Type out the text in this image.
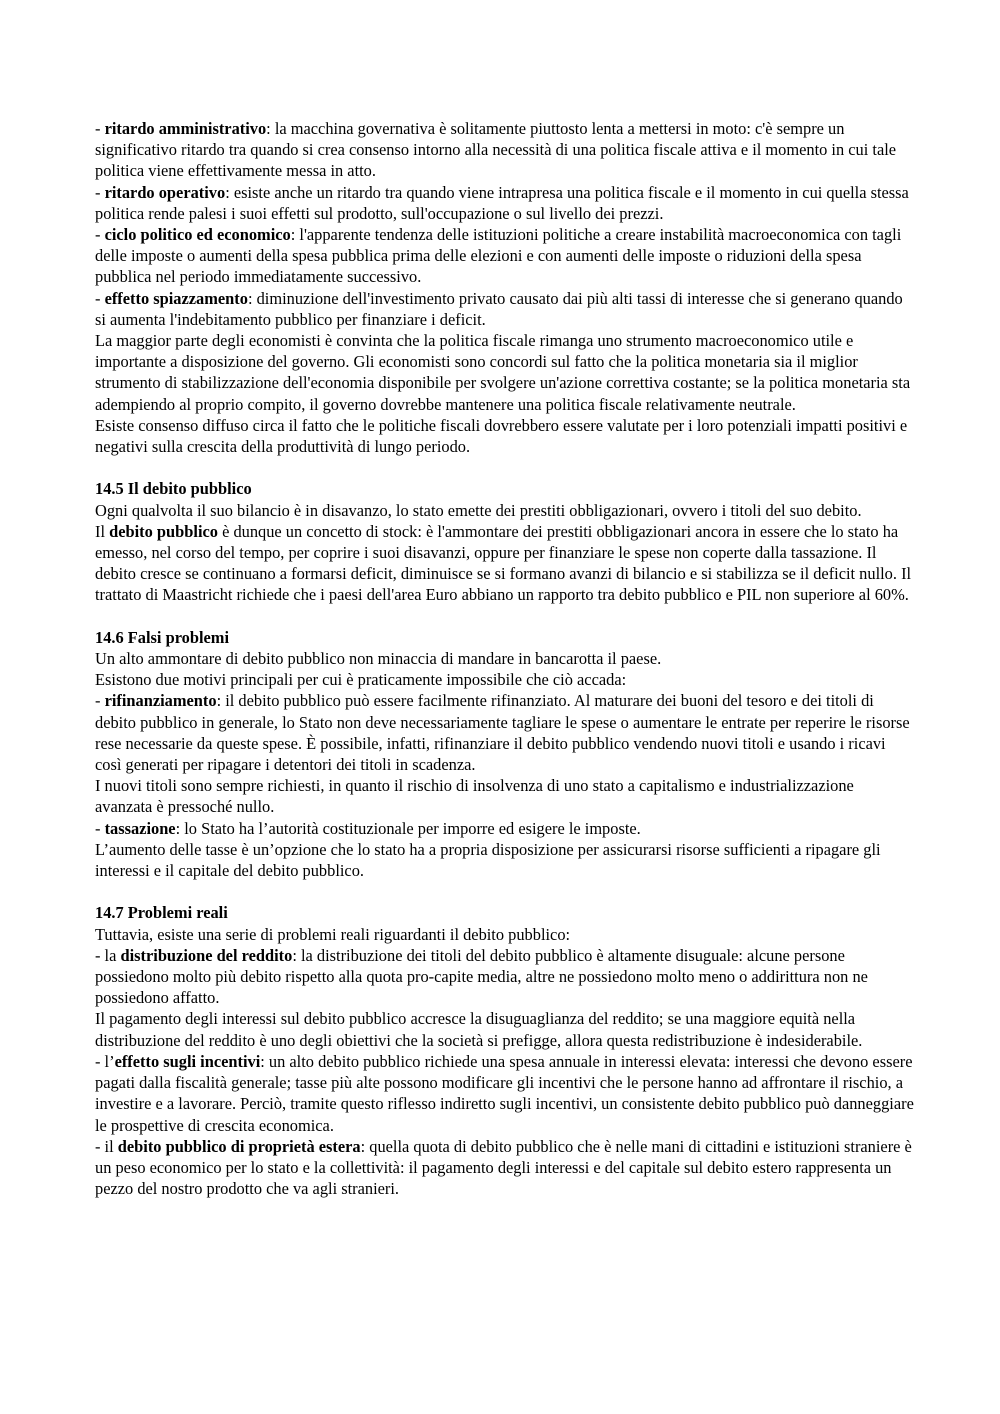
- ritardo amministrativo: la macchina governativa è solitamente piuttosto lenta a mettersi in moto: c'è sempre un significativo ritardo tra quando si crea consenso intorno alla necessità di una politica fiscale attiva e il momento in cui tale politica viene effettivamente messa in atto.

- ritardo operativo: esiste anche un ritardo tra quando viene intrapresa una politica fiscale e il momento in cui quella stessa politica rende palesi i suoi effetti sul prodotto, sull'occupazione o sul livello dei prezzi.

- ciclo politico ed economico: l'apparente tendenza delle istituzioni politiche a creare instabilità macroeconomica con tagli delle imposte o aumenti della spesa pubblica prima delle elezioni e con aumenti delle imposte o riduzioni della spesa pubblica nel periodo immediatamente successivo.

- effetto spiazzamento: diminuzione dell'investimento privato causato dai più alti tassi di interesse che si generano quando si aumenta l'indebitamento pubblico per finanziare i deficit.

La maggior parte degli economisti è convinta che la politica fiscale rimanga uno strumento macroeconomico utile e importante a disposizione del governo. Gli economisti sono concordi sul fatto che la politica monetaria sia il miglior strumento di stabilizzazione dell'economia disponibile per svolgere un'azione correttiva costante; se la politica monetaria sta adempiendo al proprio compito, il governo dovrebbe mantenere una politica fiscale relativamente neutrale.

Esiste consenso diffuso circa il fatto che le politiche fiscali dovrebbero essere valutate per i loro potenziali impatti positivi e negativi sulla crescita della produttività di lungo periodo.

14.5 Il debito pubblico

Ogni qualvolta il suo bilancio è in disavanzo, lo stato emette dei prestiti obbligazionari, ovvero i titoli del suo debito.

Il debito pubblico è dunque un concetto di stock: è l'ammontare dei prestiti obbligazionari ancora in essere che lo stato ha emesso, nel corso del tempo, per coprire i suoi disavanzi, oppure per finanziare le spese non coperte dalla tassazione. Il debito cresce se continuano a formarsi deficit, diminuisce se si formano avanzi di bilancio e si stabilizza se il deficit nullo. Il trattato di Maastricht richiede che i paesi dell'area Euro abbiano un rapporto tra debito pubblico e PIL non superiore al 60%.

14.6 Falsi problemi

Un alto ammontare di debito pubblico non minaccia di mandare in bancarotta il paese.

Esistono due motivi principali per cui è praticamente impossibile che ciò accada:

- rifinanziamento: il debito pubblico può essere facilmente rifinanziato. Al maturare dei buoni del tesoro e dei titoli di debito pubblico in generale, lo Stato non deve necessariamente tagliare le spese o aumentare le entrate per reperire le risorse rese necessarie da queste spese. È possibile, infatti, rifinanziare il debito pubblico vendendo nuovi titoli e usando i ricavi così generati per ripagare i detentori dei titoli in scadenza.

I nuovi titoli sono sempre richiesti, in quanto il rischio di insolvenza di uno stato a capitalismo e industrializzazione avanzata è pressoché nullo.

- tassazione: lo Stato ha l’autorità costituzionale per imporre ed esigere le imposte.

L’aumento delle tasse è un’opzione che lo stato ha a propria disposizione per assicurarsi risorse sufficienti a ripagare gli interessi e il capitale del debito pubblico.

14.7 Problemi reali

Tuttavia, esiste una serie di problemi reali riguardanti il debito pubblico:

- la distribuzione del reddito: la distribuzione dei titoli del debito pubblico è altamente disuguale: alcune persone possiedono molto più debito rispetto alla quota pro-capite media, altre ne possiedono molto meno o addirittura non ne possiedono affatto.

Il pagamento degli interessi sul debito pubblico accresce la disuguaglianza del reddito; se una maggiore equità nella distribuzione del reddito è uno degli obiettivi che la società si prefigge, allora questa redistribuzione è indesiderabile.

- l’effetto sugli incentivi: un alto debito pubblico richiede una spesa annuale in interessi elevata: interessi che devono essere pagati dalla fiscalità generale; tasse più alte possono modificare gli incentivi che le persone hanno ad affrontare il rischio, a investire e a lavorare. Perciò, tramite questo riflesso indiretto sugli incentivi, un consistente debito pubblico può danneggiare le prospettive di crescita economica.

- il debito pubblico di proprietà estera: quella quota di debito pubblico che è nelle mani di cittadini e istituzioni straniere è un peso economico per lo stato e la collettività: il pagamento degli interessi e del capitale sul debito estero rappresenta un pezzo del nostro prodotto che va agli stranieri.
